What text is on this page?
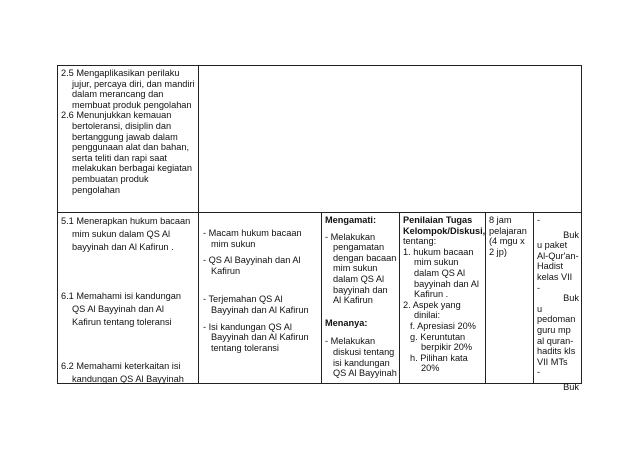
2.5 Mengaplikasikan perilaku jujur, percaya diri, dan mandiri dalam merancang dan membuat produk pengolahan

2.6 Menunjukkan kemauan bertoleransi, disiplin dan bertanggung jawab dalam penggunaan alat dan bahan, serta teliti dan rapi saat melakukan berbagai kegiatan pembuatan produk pengolahan

5.1 Menerapkan hukum bacaan mim sukun dalam QS Al bayyinah dan Al Kafirun .

6.1 Memahami isi kandungan QS Al Bayyinah dan Al Kafirun tentang toleransi

6.2 Memahami keterkaitan isi kandungan QS Al Bayyinah

- Macam hukum bacaan mim sukun

- QS Al Bayyinah dan Al Kafirun

- Terjemahan QS Al Bayyinah dan Al Kafirun

- Isi kandungan QS Al Bayyinah dan Al Kafirun tentang toleransi

Mengamati:

- Melakukan pengamatan dengan bacaan mim sukun dalam QS Al bayyinah dan Al Kafirun

Menanya:

- Melakukan diskusi tentang isi kandungan QS Al Bayyinah

Penilaian Tugas Kelompok/Diskusi,

tentang:

1. hukum bacaan mim sukun dalam QS Al bayyinah dan Al Kafirun .

2. Aspek yang dinilai:

f. Apresiasi 20%

g. Keruntutan berpikir 20%

h. Pilihan kata 20%

8 jam pelajaran (4 mgu x 2 jp)

-

Buk

u paket Al-Qur'an-Hadist kelas VII

-

Buk

u pedoman guru mp al quran-hadits kls VII MTs

-

Buk
